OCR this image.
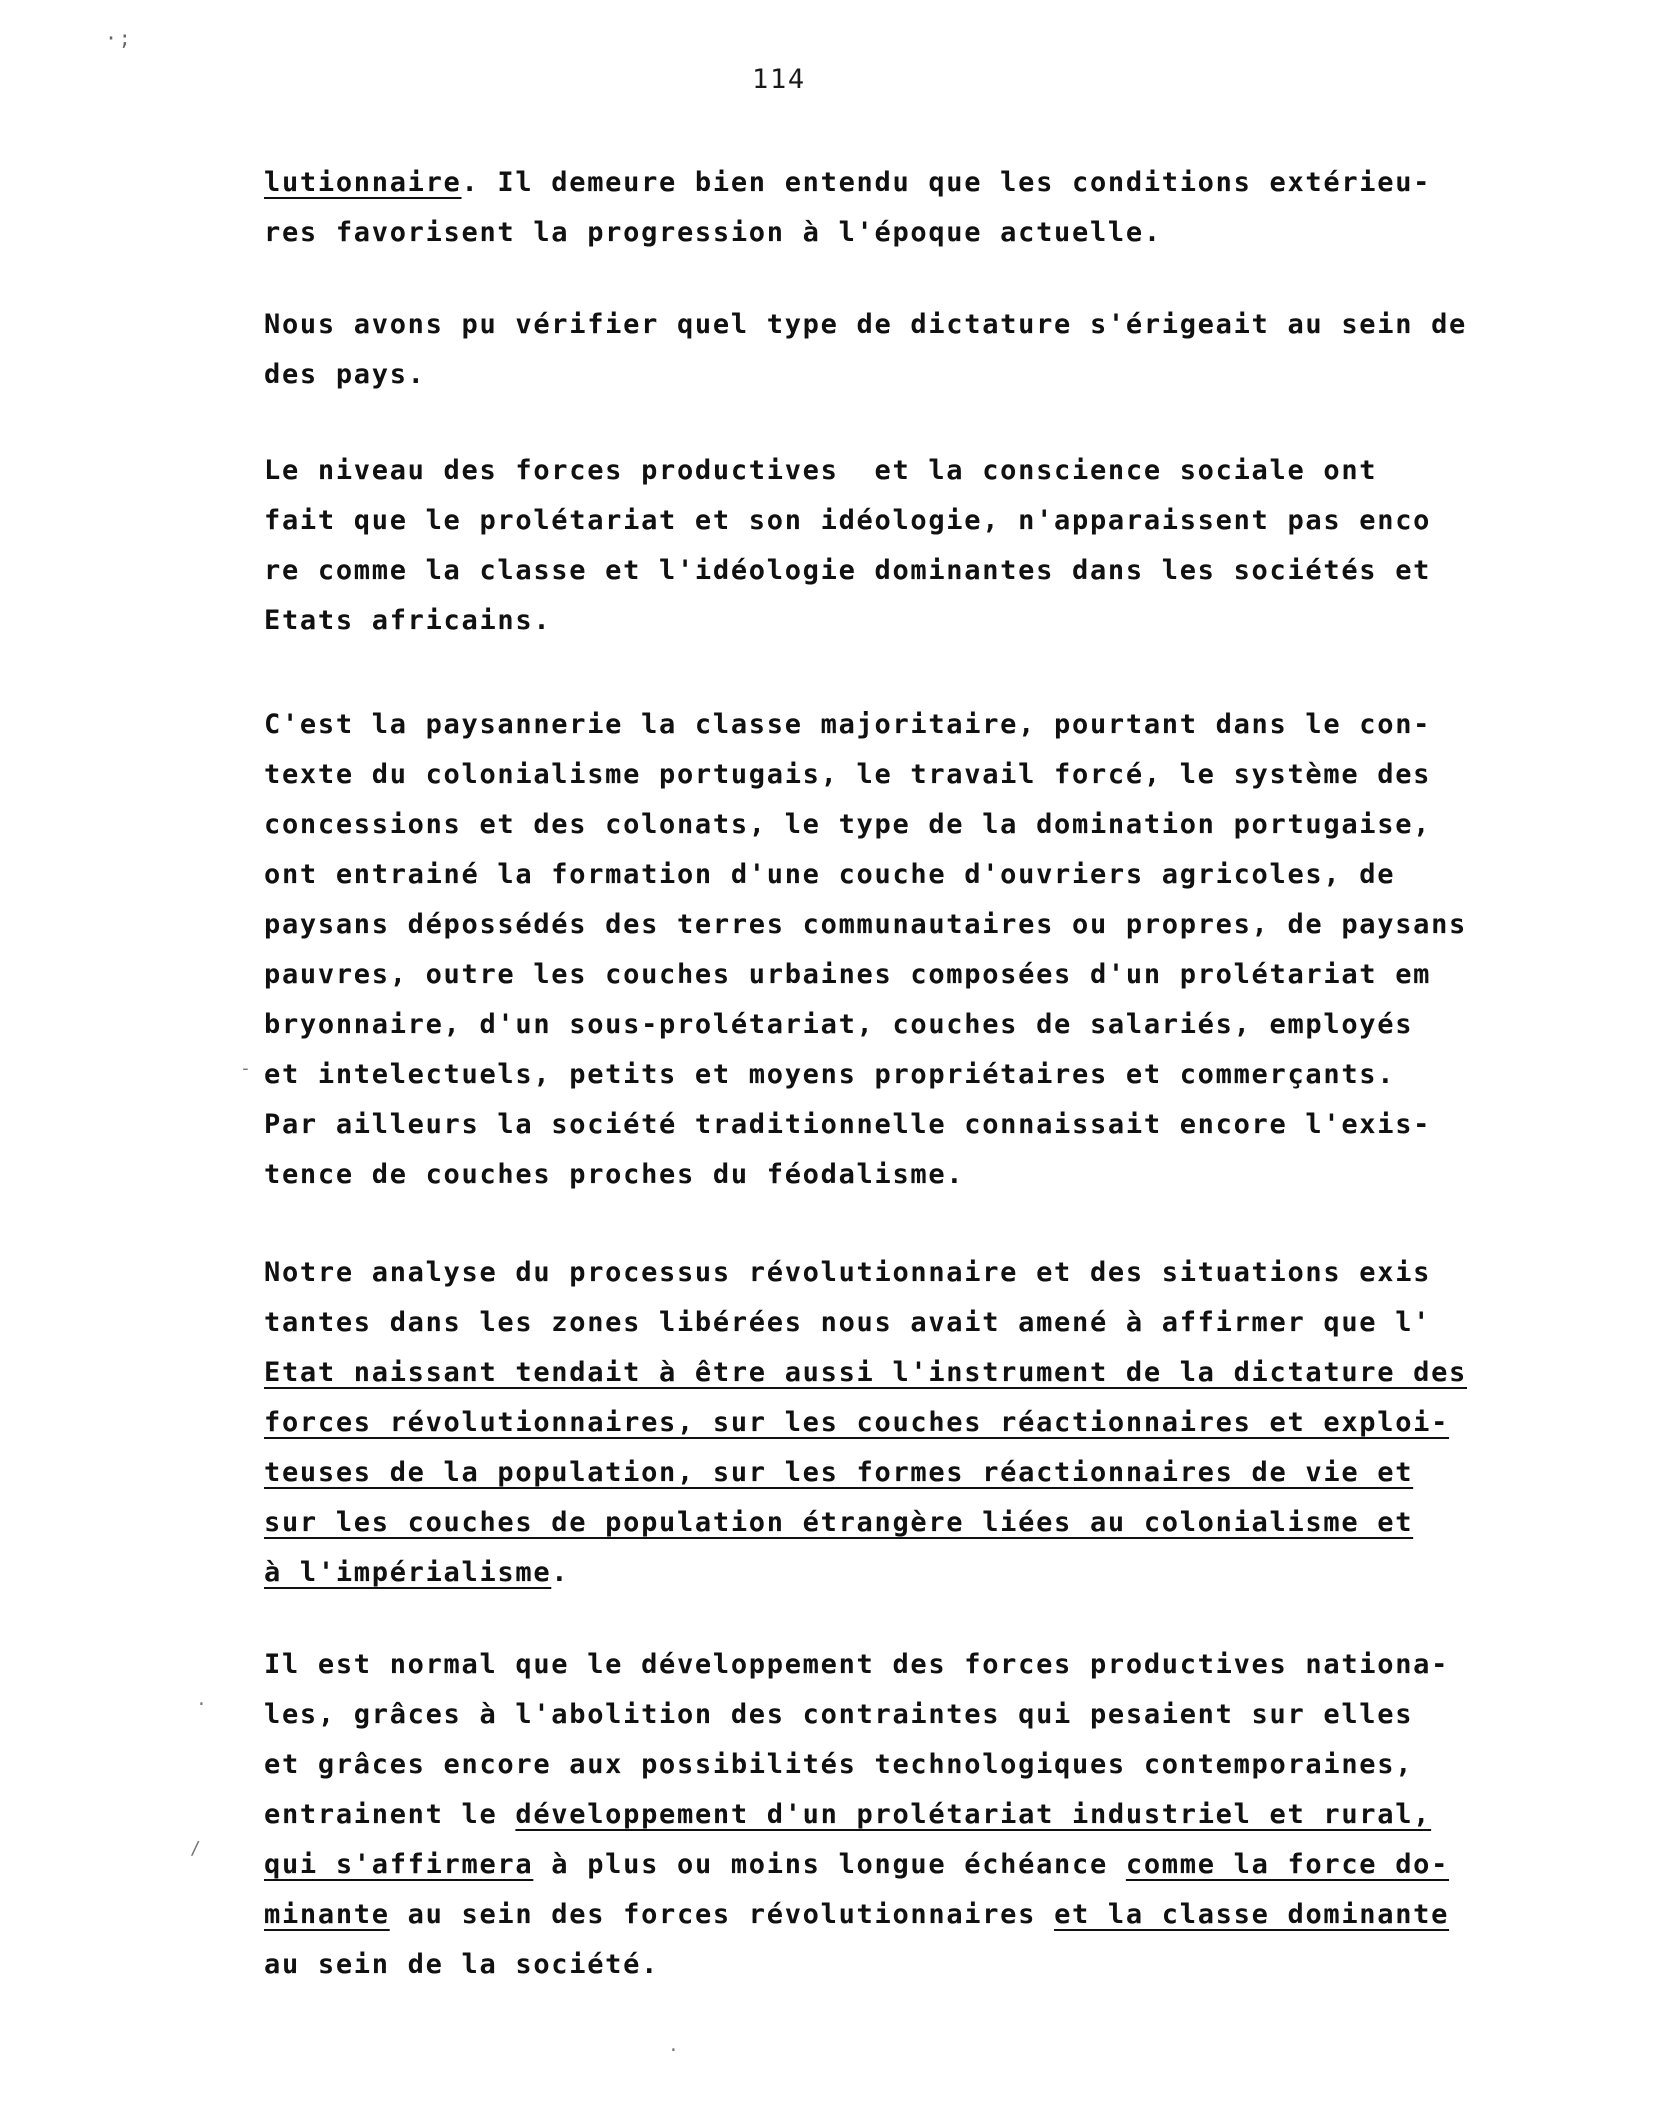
·;
-
·
/
·
114
lutionnaire. Il demeure bien entendu que les conditions extérieu-
res favorisent la progression à l'époque actuelle.
Nous avons pu vérifier quel type de dictature s'érigeait au sein de
des pays.
Le niveau des forces productives  et la conscience sociale ont
fait que le prolétariat et son idéologie, n'apparaissent pas enco
re comme la classe et l'idéologie dominantes dans les sociétés et
Etats africains.
C'est la paysannerie la classe majoritaire, pourtant dans le con-
texte du colonialisme portugais, le travail forcé, le système des
concessions et des colonats, le type de la domination portugaise,
ont entrainé la formation d'une couche d'ouvriers agricoles, de
paysans dépossédés des terres communautaires ou propres, de paysans
pauvres, outre les couches urbaines composées d'un prolétariat em
bryonnaire, d'un sous-prolétariat, couches de salariés, employés
et intelectuels, petits et moyens propriétaires et commerçants.
Par ailleurs la société traditionnelle connaissait encore l'exis-
tence de couches proches du féodalisme.
Notre analyse du processus révolutionnaire et des situations exis
tantes dans les zones libérées nous avait amené à affirmer que l'
Etat naissant tendait à être aussi l'instrument de la dictature des
forces révolutionnaires, sur les couches réactionnaires et exploi-
teuses de la population, sur les formes réactionnaires de vie et
sur les couches de population étrangère liées au colonialisme et
à l'impérialisme.
Il est normal que le développement des forces productives nationa-
les, grâces à l'abolition des contraintes qui pesaient sur elles
et grâces encore aux possibilités technologiques contemporaines,
entrainent le développement d'un prolétariat industriel et rural,
qui s'affirmera à plus ou moins longue échéance comme la force do-
minante au sein des forces révolutionnaires et la classe dominante
au sein de la société.
